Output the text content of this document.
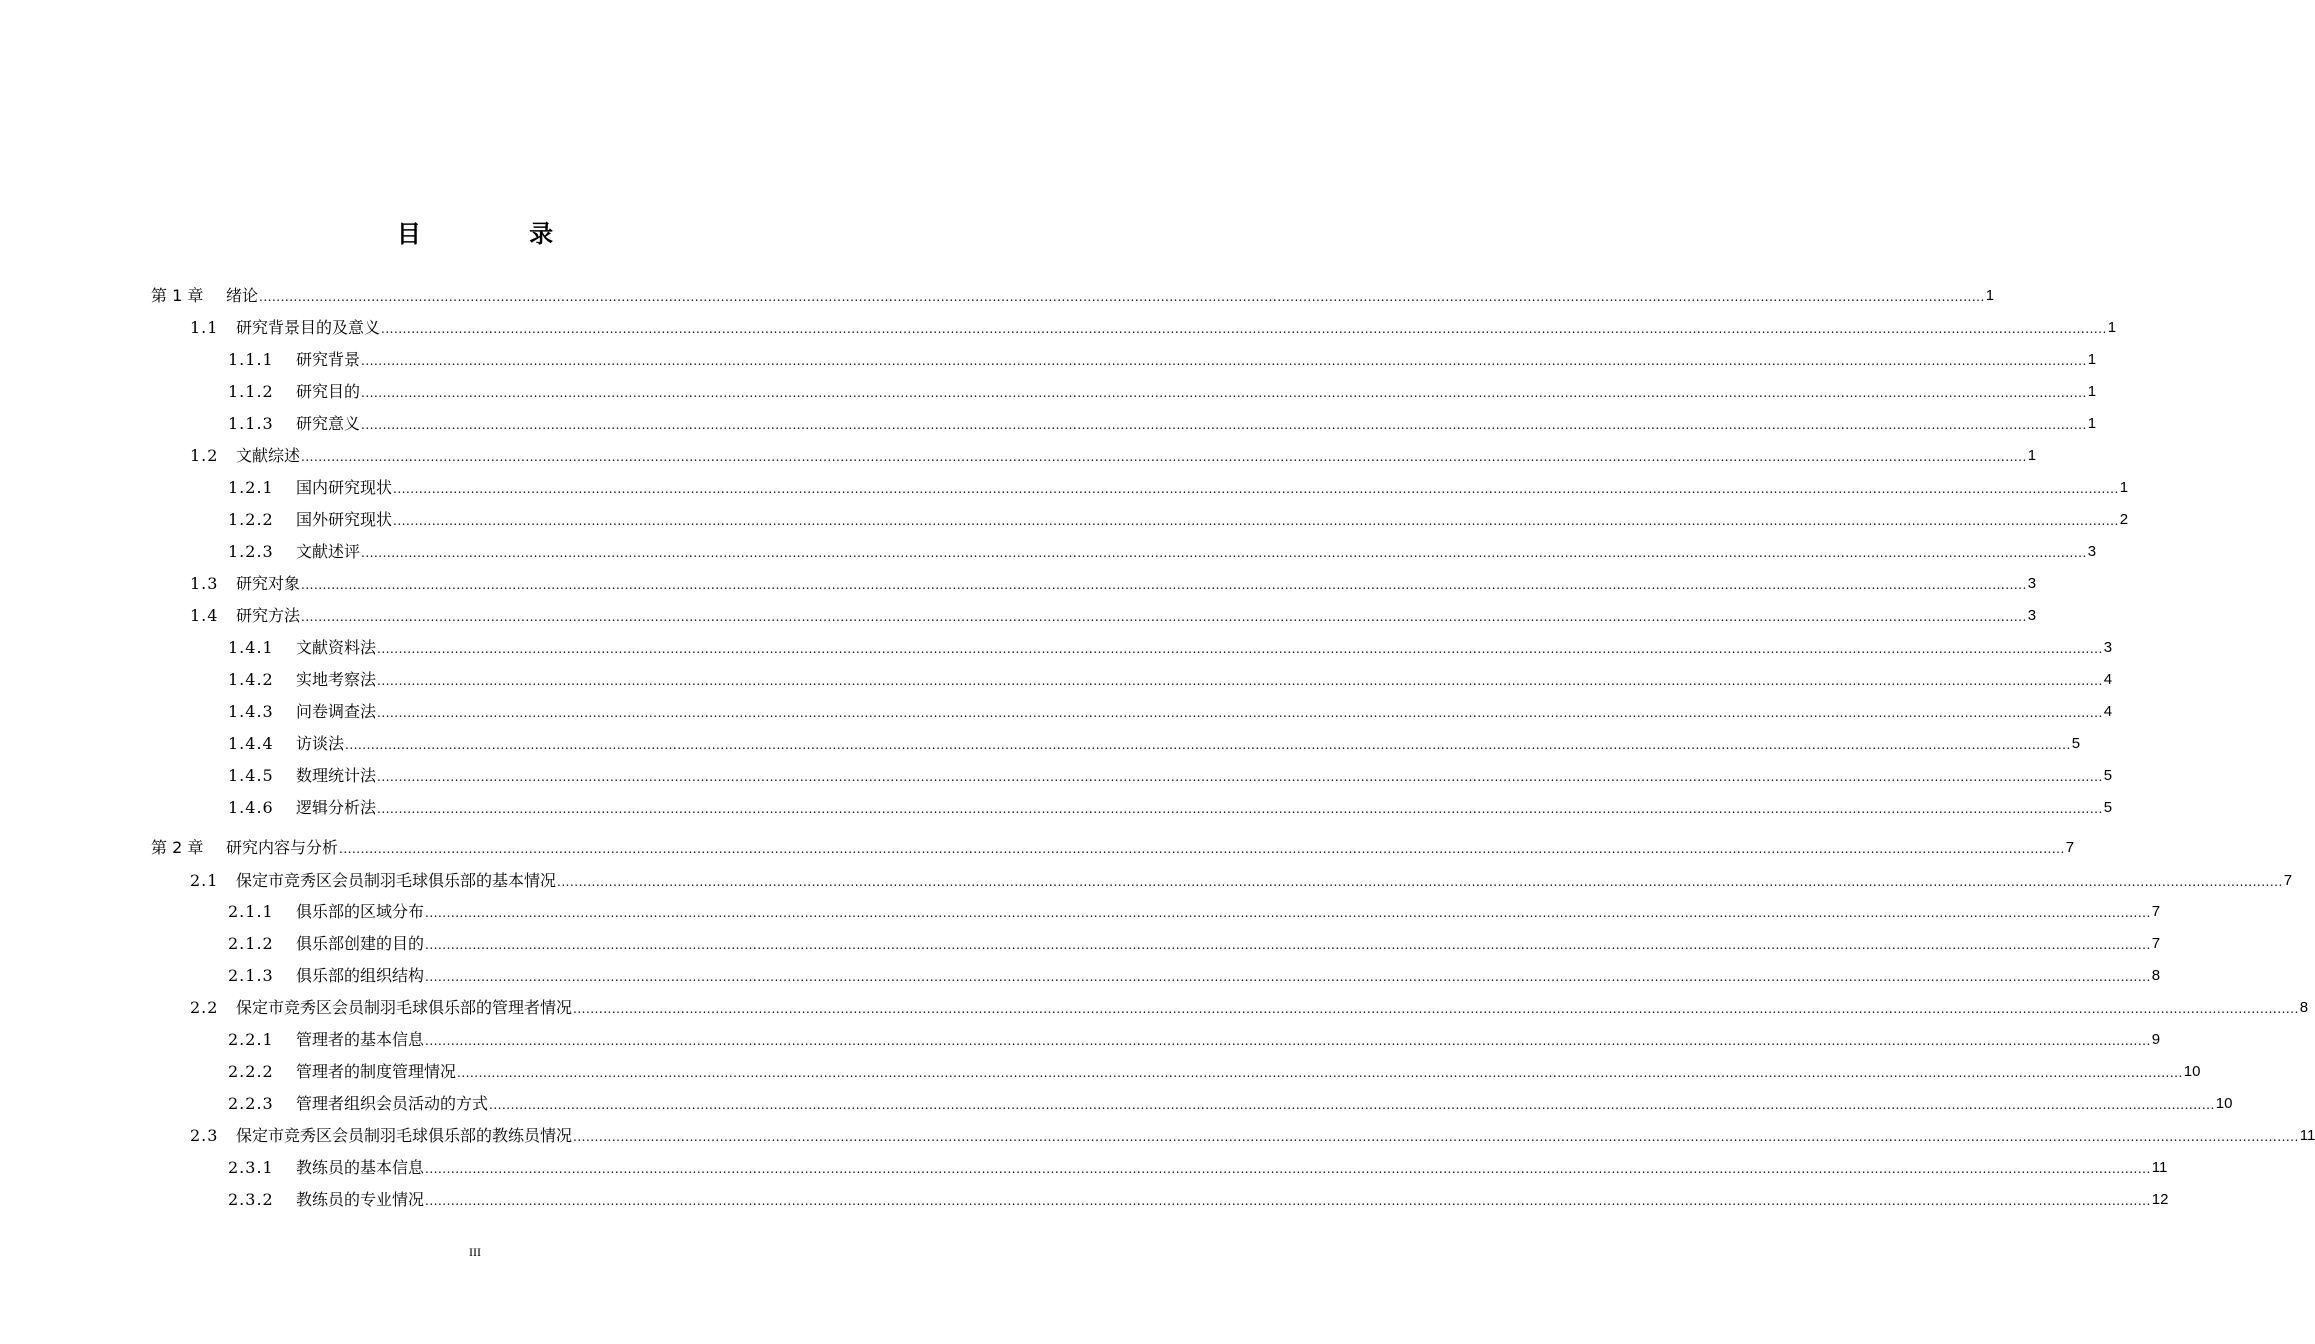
目 录
第 1 章	绪论 ................................................................................................................................................................................................................................................................................................................................................................................................................ 1
1.1	研究背景目的及意义 ................................................................................................................................................................................................................................................................................................................................................................................................................ 1
1.1.1	研究背景 ................................................................................................................................................................................................................................................................................................................................................................................................................ 1
1.1.2	研究目的 ................................................................................................................................................................................................................................................................................................................................................................................................................ 1
1.1.3	研究意义 ................................................................................................................................................................................................................................................................................................................................................................................................................ 1
1.2	文献综述 ................................................................................................................................................................................................................................................................................................................................................................................................................ 1
1.2.1	国内研究现状 ................................................................................................................................................................................................................................................................................................................................................................................................................ 1
1.2.2	国外研究现状 ................................................................................................................................................................................................................................................................................................................................................................................................................ 2
1.2.3	文献述评 ................................................................................................................................................................................................................................................................................................................................................................................................................ 3
1.3	研究对象 ................................................................................................................................................................................................................................................................................................................................................................................................................ 3
1.4	研究方法 ................................................................................................................................................................................................................................................................................................................................................................................................................ 3
1.4.1	文献资料法 ................................................................................................................................................................................................................................................................................................................................................................................................................ 3
1.4.2	实地考察法 ................................................................................................................................................................................................................................................................................................................................................................................................................ 4
1.4.3	问卷调查法 ................................................................................................................................................................................................................................................................................................................................................................................................................ 4
1.4.4	访谈法 ................................................................................................................................................................................................................................................................................................................................................................................................................ 5
1.4.5	数理统计法 ................................................................................................................................................................................................................................................................................................................................................................................................................ 5
1.4.6	逻辑分析法 ................................................................................................................................................................................................................................................................................................................................................................................................................ 5
第 2 章	研究内容与分析 ................................................................................................................................................................................................................................................................................................................................................................................................................ 7
2.1	保定市竞秀区会员制羽毛球俱乐部的基本情况 ................................................................................................................................................................................................................................................................................................................................................................................................................ 7
2.1.1	俱乐部的区域分布 ................................................................................................................................................................................................................................................................................................................................................................................................................ 7
2.1.2	俱乐部创建的目的 ................................................................................................................................................................................................................................................................................................................................................................................................................ 7
2.1.3	俱乐部的组织结构 ................................................................................................................................................................................................................................................................................................................................................................................................................ 8
2.2	保定市竞秀区会员制羽毛球俱乐部的管理者情况 ................................................................................................................................................................................................................................................................................................................................................................................................................ 8
2.2.1	管理者的基本信息 ................................................................................................................................................................................................................................................................................................................................................................................................................ 9
2.2.2	管理者的制度管理情况 ................................................................................................................................................................................................................................................................................................................................................................................................................ 10
2.2.3	管理者组织会员活动的方式 ................................................................................................................................................................................................................................................................................................................................................................................................................ 10
2.3	保定市竞秀区会员制羽毛球俱乐部的教练员情况 ................................................................................................................................................................................................................................................................................................................................................................................................................ 11
2.3.1	教练员的基本信息 ................................................................................................................................................................................................................................................................................................................................................................................................................ 11
2.3.2	教练员的专业情况 ................................................................................................................................................................................................................................................................................................................................................................................................................ 12
III
